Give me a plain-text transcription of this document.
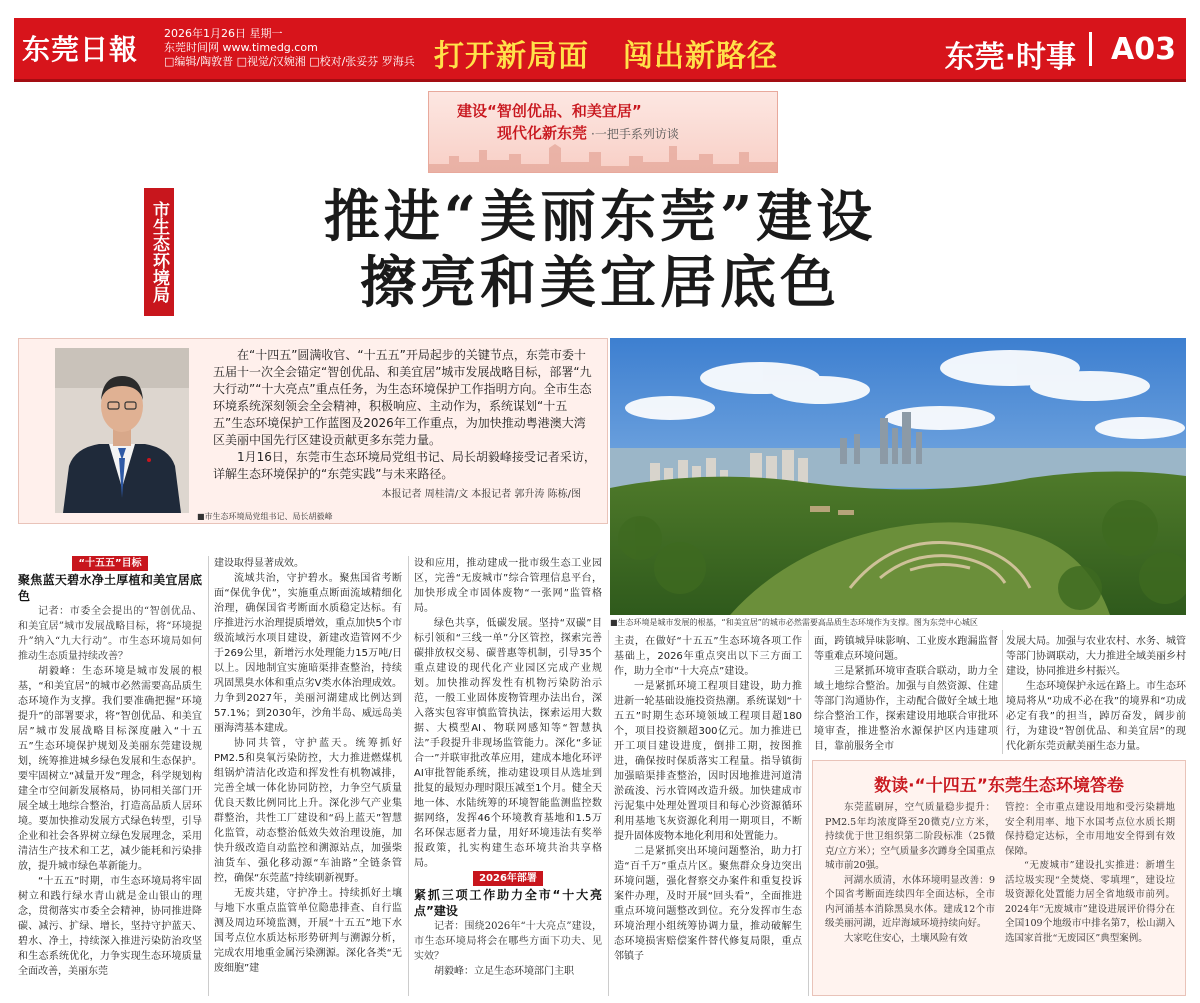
东莞日報 2026年1月26日 星期一
东莞时间网 www.timedg.com
□编辑/陶敦普 □视觉/汉婉湘 □校对/张妥芬 罗海兵 打开新局面 闯出新路径	东莞·时事 A03
建设“智创优品、和美宜居”
现代化新东莞 ·一把手系列访谈
市生态环境局	推进“美丽东莞”建设
擦亮和美宜居底色

在“十四五”圆满收官、“十五五”开局起步的关键节点，东莞市委十五届十一次全会锚定“智创优品、和美宜居”城市发展战略目标，部署“九大行动”“十大亮点”重点任务，为生态环境保护工作指明方向。全市生态环境系统深刻领会全会精神，积极响应、主动作为，系统谋划“十五五”生态环境保护工作蓝图及2026年工作重点，为加快推动粤港澳大湾区美丽中国先行区建设贡献更多东莞力量。

1月16日，东莞市生态环境局党组书记、局长胡毅峰接受记者采访，详解生态环境保护的“东莞实践”与未来路径。

本报记者 周桂清/文 本报记者 郭升涛 陈栋/图
■市生态环境局党组书记、局长胡毅峰
■生态环境是城市发展的根基，“和美宜居”的城市必然需要高品质生态环境作为支撑。图为东莞中心城区
“十五五”目标

聚焦蓝天碧水净土厚植和美宜居底色

记者：市委全会提出的“智创优品、和美宜居”城市发展战略目标，将“环境提升”纳入“九大行动”。市生态环境局如何推动生态质量持续改善？

胡毅峰：生态环境是城市发展的根基，“和美宜居”的城市必然需要高品质生态环境作为支撑。我们要准确把握“环境提升”的部署要求，将“智创优品、和美宜居”城市发展战略目标深度融入“十五五”生态环境保护规划及美丽东莞建设规划，统筹推进城乡绿色发展和生态保护。要牢固树立“减量开发”理念，科学规划构建全市空间新发展格局，协同相关部门开展全域土地综合整治，打造高品质人居环境。要加快推动发展方式绿色转型，引导企业和社会各界树立绿色发展理念，采用清洁生产技术和工艺，减少能耗和污染排放，提升城市绿色革新能力。

“十五五”时期，市生态环境局将牢固树立和践行绿水青山就是金山银山的理念，贯彻落实市委全会精神，协同推进降碳、减污、扩绿、增长，坚持守护蓝天、碧水、净土，持续深入推进污染防治攻坚和生态系统优化，力争实现生态环境质量全面改善，美丽东莞

建设取得显著成效。

流域共治，守护碧水。聚焦国省考断面“保优争优”，实施重点断面流域精细化治理，确保国省考断面水质稳定达标。有序推进污水治理提质增效，重点加快5个市级流域污水项目建设，新建改造管网不少于269公里，新增污水处理能力15万吨/日以上。因地制宜实施暗渠排查整治，持续巩固黑臭水体和重点劣Ⅴ类水体治理成效。力争到2027年，美丽河湖建成比例达到57.1%；到2030年，沙角半岛、威远岛美丽海湾基本建成。

协同共管，守护蓝天。统筹抓好PM2.5和臭氧污染防控，大力推进燃煤机组锅炉清洁化改造和挥发性有机物减排，完善全域一体化协同防控，力争空气质量优良天数比例同比上升。深化涉气产业集群整治，共性工厂建设和“码上蓝天”智慧化监管，动态整治低效失效治理设施，加快升级改造自动监控和溯源站点，加强柴油货车、强化移动源“车油路”全链条管控，确保“东莞蓝”持续刷新视野。

无废共建，守护净土。持续抓好土壤与地下水重点监管单位隐患排查、自行监测及周边环境监测，开展“十五五”地下水国考点位水质达标形势研判与溯源分析，完成农用地重金属污染溯源。深化各类“无废细胞”建

设和应用，推动建成一批市级生态工业园区，完善“无废城市”综合管理信息平台，加快形成全市固体废物“一张网”监管格局。

绿色共享，低碳发展。坚持“双碳”目标引领和“三线一单”分区管控，探索完善碳排放权交易、碳普惠等机制，引导35个重点建设的现代化产业园区完成产业规划。加快推动挥发性有机物污染防治示范，一般工业固体废物管理办法出台，深入落实包容审慎监管执法，探索运用大数据、大模型AI、物联网感知等“智慧执法”手段提升非现场监管能力。深化“多证合一”并联审批改革应用，建成本地化环评AI审批智能系统，推动建设项目从选址到批复的最短办理时限压减至1个月。健全天地一体、水陆统筹的环境智能监测监控数据网络，发挥46个环境教育基地和1.5万名环保志愿者力量，用好环境违法有奖举报政策，扎实构建生态环境共治共享格局。

2026年部署

紧抓三项工作助力全市“十大亮点”建设

记者：围绕2026年“十大亮点”建设，市生态环境局将会在哪些方面下功夫、见实效？

胡毅峰：立足生态环境部门主职

主责，在做好“十五五”生态环境各项工作基础上，2026年重点突出以下三方面工作，助力全市“十大亮点”建设。

一是紧抓环境工程项目建设，助力推进新一轮基础设施投资热潮。系统谋划“十五五”时期生态环境领域工程项目超180个，项目投资额超300亿元。加力推进已开工项目建设进度，倒排工期，按图推进，确保按时保质落实工程量。指导镇街加强暗渠排查整治，因时因地推进河道清淤疏浚、污水管网改造升级。加快建成市污泥集中处理处置项目和每心沙资源循环利用基地飞灰资源化利用一期项目，不断提升固体废物本地化利用和处置能力。

二是紧抓突出环境问题整治，助力打造“百千万”重点片区。聚焦群众身边突出环境问题，强化督察交办案件和重复投诉案件办理，及时开展“回头看”，全面推进重点环境问题整改到位。充分发挥市生态环境治理小组统筹协调力量，推动破解生态环境损害赔偿案件替代修复局限，重点邻镇子

面，跨镇城异味影响、工业废水跑漏监督等重难点环境问题。

三是紧抓环境审查联合联动，助力全域土地综合整治。加强与自然资源、住建等部门沟通协作，主动配合做好全域土地综合整治工作，探索建设用地联合审批环境审查，推进整治水源保护区内违建项目，靠前服务全市

发展大局。加强与农业农村、水务、城管等部门协调联动，大力推进全域美丽乡村建设，协同推进乡村振兴。

生态环境保护永远在路上。市生态环境局将从“功成不必在我”的境界和“功成必定有我”的担当，踔厉奋发，阔步前行，为建设“智创优品、和美宜居”的现代化新东莞贡献美丽生态力量。

数读·“十四五”东莞生态环境答卷

东莞蓝刷屏，空气质量稳步提升：PM2.5年均浓度降至20微克/立方米，持续优于世卫组织第二阶段标准（25微克/立方米）；空气质量多次蹲身全国重点城市前20强。

河湖水质清，水体环境明显改善：9个国省考断面连续四年全面达标，全市内河涌基本消除黑臭水体。建成12个市级美丽河湖，近岸海域环境持续向好。

大家吃住安心，土壤风险有效

管控：全市重点建设用地和受污染耕地安全利用率、地下水国考点位水质长期保持稳定达标，全市用地安全得到有效保障。

“无废城市”建设扎实推进：新增生活垃圾实现“全焚烧、零填埋”，建设垃圾资源化处置能力居全省地级市前列。2024年“无废城市”建设进展评价得分在全国109个地级市中排名第7，松山湖入选国家首批“无废园区”典型案例。
